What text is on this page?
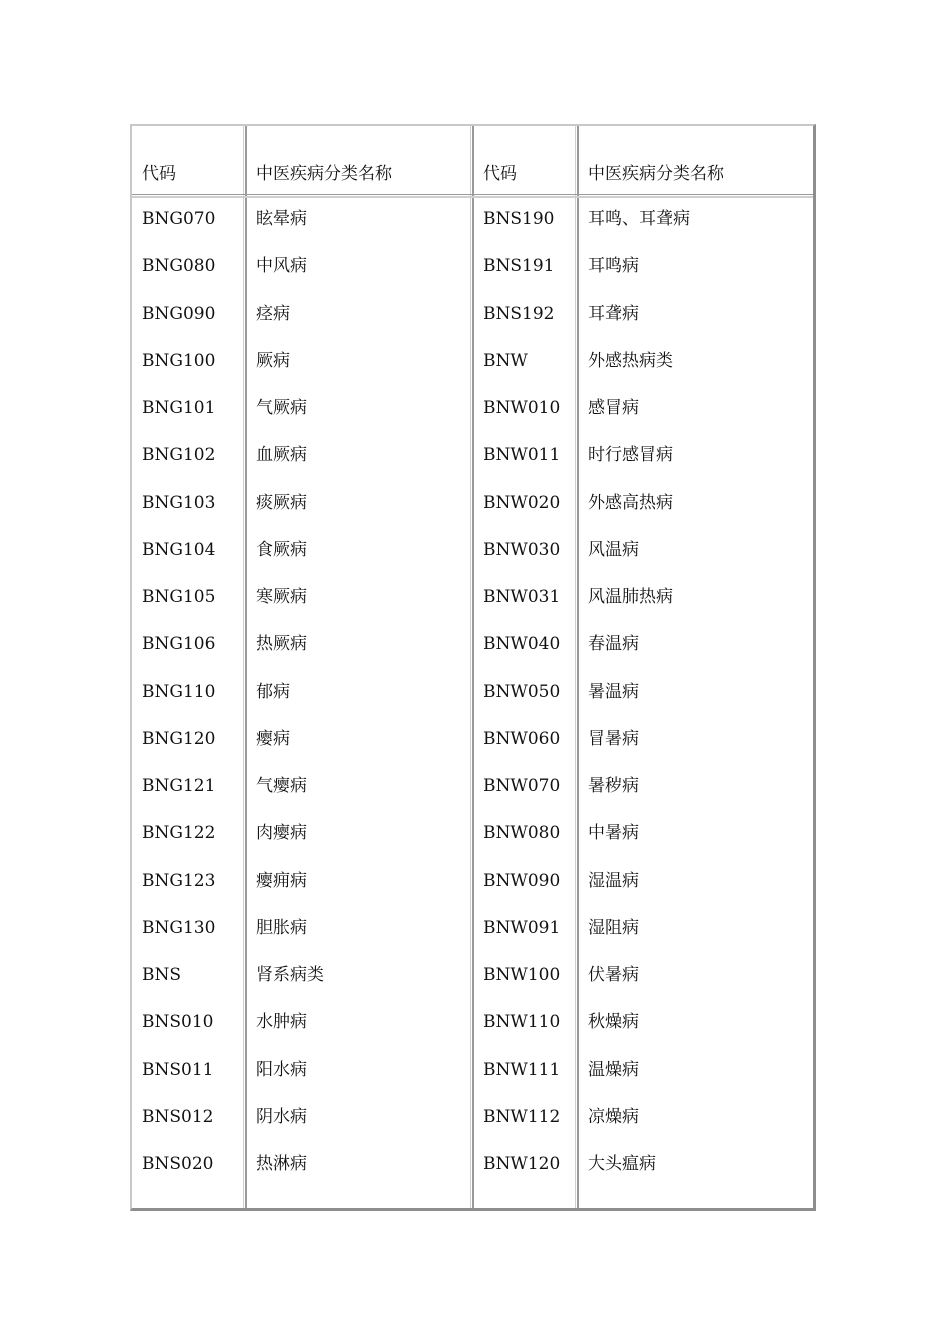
代码	中医疾病分类名称	代码	中医疾病分类名称
BNG070 眩晕病	BNS190 耳鸣、耳聋病
BNG080 中风病	BNS191 耳鸣病
BNG090 痉病	BNS192 耳聋病
BNG100 厥病	BNW	外感热病类
BNG101 气厥病	BNW010 感冒病
BNG102 血厥病	BNW011 时行感冒病
BNG103 痰厥病	BNW020 外感高热病
BNG104 食厥病	BNW030 风温病
BNG105 寒厥病	BNW031 风温肺热病
BNG106 热厥病	BNW040 春温病
BNG110 郁病	BNW050 暑温病
BNG120 瘿病	BNW060 冒暑病
BNG121 气瘿病	BNW070 暑秽病
BNG122 肉瘿病	BNW080 中暑病
BNG123 瘿痈病	BNW090 湿温病
BNG130 胆胀病	BNW091 湿阻病
BNS	肾系病类	BNW100 伏暑病
BNS010	水肿病	BNW110 秋燥病
BNS011	阳水病	BNW111 温燥病
BNS012	阴水病	BNW112 凉燥病
BNS020	热淋病	BNW120 大头瘟病
